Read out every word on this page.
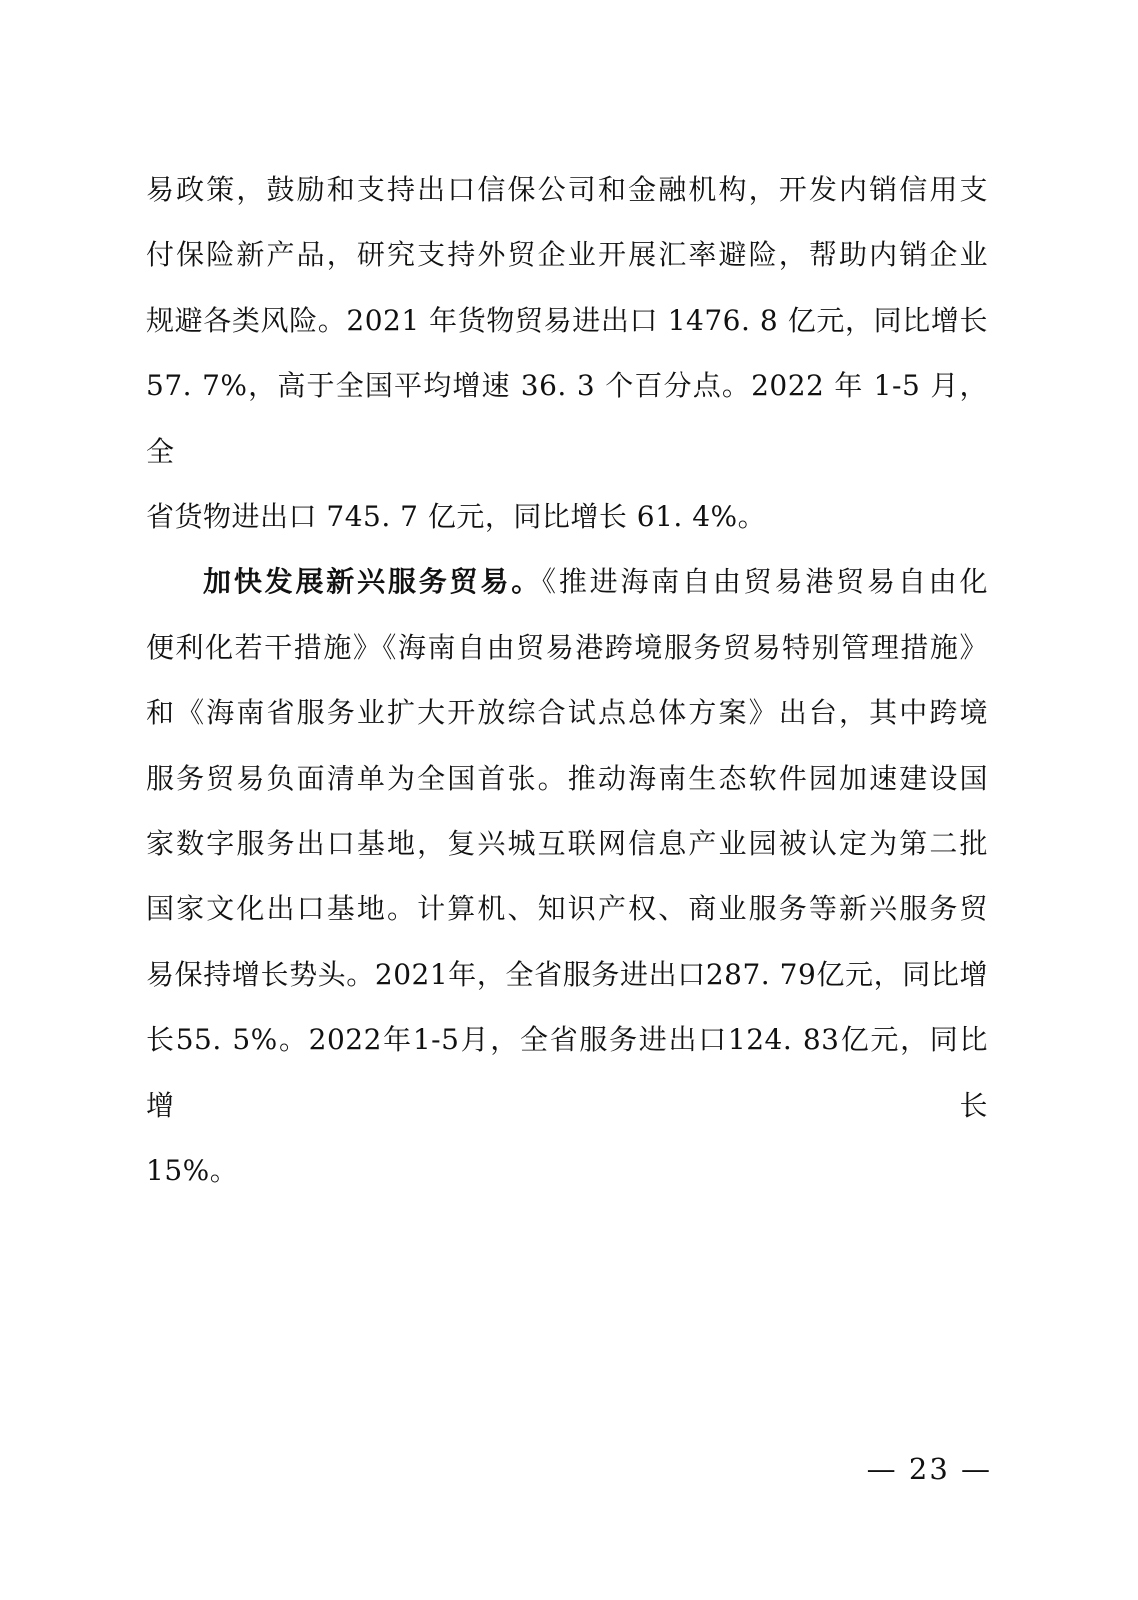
易政策，鼓励和支持出口信保公司和金融机构，开发内销信用支
付保险新产品，研究支持外贸企业开展汇率避险，帮助内销企业
规避各类风险。2021 年货物贸易进出口 1476. 8 亿元，同比增长
57. 7%，高于全国平均增速 36. 3 个百分点。2022 年 1-5 月，全
省货物进出口 745. 7 亿元，同比增长 61. 4%。
加快发展新兴服务贸易。《推进海南自由贸易港贸易自由化
便利化若干措施》《海南自由贸易港跨境服务贸易特别管理措施》
和《海南省服务业扩大开放综合试点总体方案》出台，其中跨境
服务贸易负面清单为全国首张。推动海南生态软件园加速建设国
家数字服务出口基地，复兴城互联网信息产业园被认定为第二批
国家文化出口基地。计算机、知识产权、商业服务等新兴服务贸
易保持增长势头。2021年，全省服务进出口287. 79亿元，同比增
长55. 5%。2022年1-5月，全省服务进出口124. 83亿元，同比增长
15%。
— 23 —
